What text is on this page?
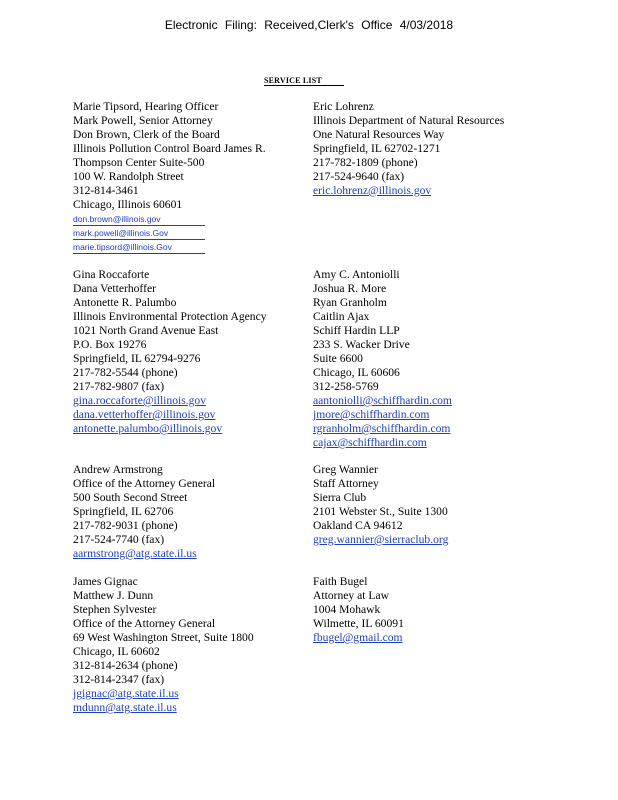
Electronic Filing: Received,Clerk's Office 4/03/2018
SERVICE LIST
Marie Tipsord, Hearing Officer
Mark Powell, Senior Attorney
Don Brown, Clerk of the Board
Illinois Pollution Control Board James R.
Thompson Center Suite-500
100 W. Randolph Street
312-814-3461
Chicago, Illinois 60601
don.brown@illinois.gov
mark.powell@illinois.Gov
marie.tipsord@illinois.Gov
Eric Lohrenz
Illinois Department of Natural Resources
One Natural Resources Way
Springfield, IL 62702-1271
217-782-1809 (phone)
217-524-9640 (fax)
eric.lohrenz@illinois.gov
Gina Roccaforte
Dana Vetterhoffer
Antonette R. Palumbo
Illinois Environmental Protection Agency
1021 North Grand Avenue East
P.O. Box 19276
Springfield, IL 62794-9276
217-782-5544 (phone)
217-782-9807 (fax)
gina.roccaforte@illinois.gov
dana.vetterhoffer@illinois.gov
antonette.palumbo@illinois.gov
Amy C. Antoniolli
Joshua R. More
Ryan Granholm
Caitlin Ajax
Schiff Hardin LLP
233 S. Wacker Drive
Suite 6600
Chicago, IL 60606
312-258-5769
aantoniolli@schiffhardin.com
jmore@schiffhardin.com
rgranholm@schiffhardin.com
cajax@schiffhardin.com
Andrew Armstrong
Office of the Attorney General
500 South Second Street
Springfield, IL 62706
217-782-9031 (phone)
217-524-7740 (fax)
aarmstrong@atg.state.il.us
Greg Wannier
Staff Attorney
Sierra Club
2101 Webster St., Suite 1300
Oakland CA 94612
greg.wannier@sierraclub.org
James Gignac
Matthew J. Dunn
Stephen Sylvester
Office of the Attorney General
69 West Washington Street, Suite 1800
Chicago, IL 60602
312-814-2634 (phone)
312-814-2347 (fax)
jgignac@atg.state.il.us
mdunn@atg.state.il.us
Faith Bugel
Attorney at Law
1004 Mohawk
Wilmette, IL 60091
fbugel@gmail.com
